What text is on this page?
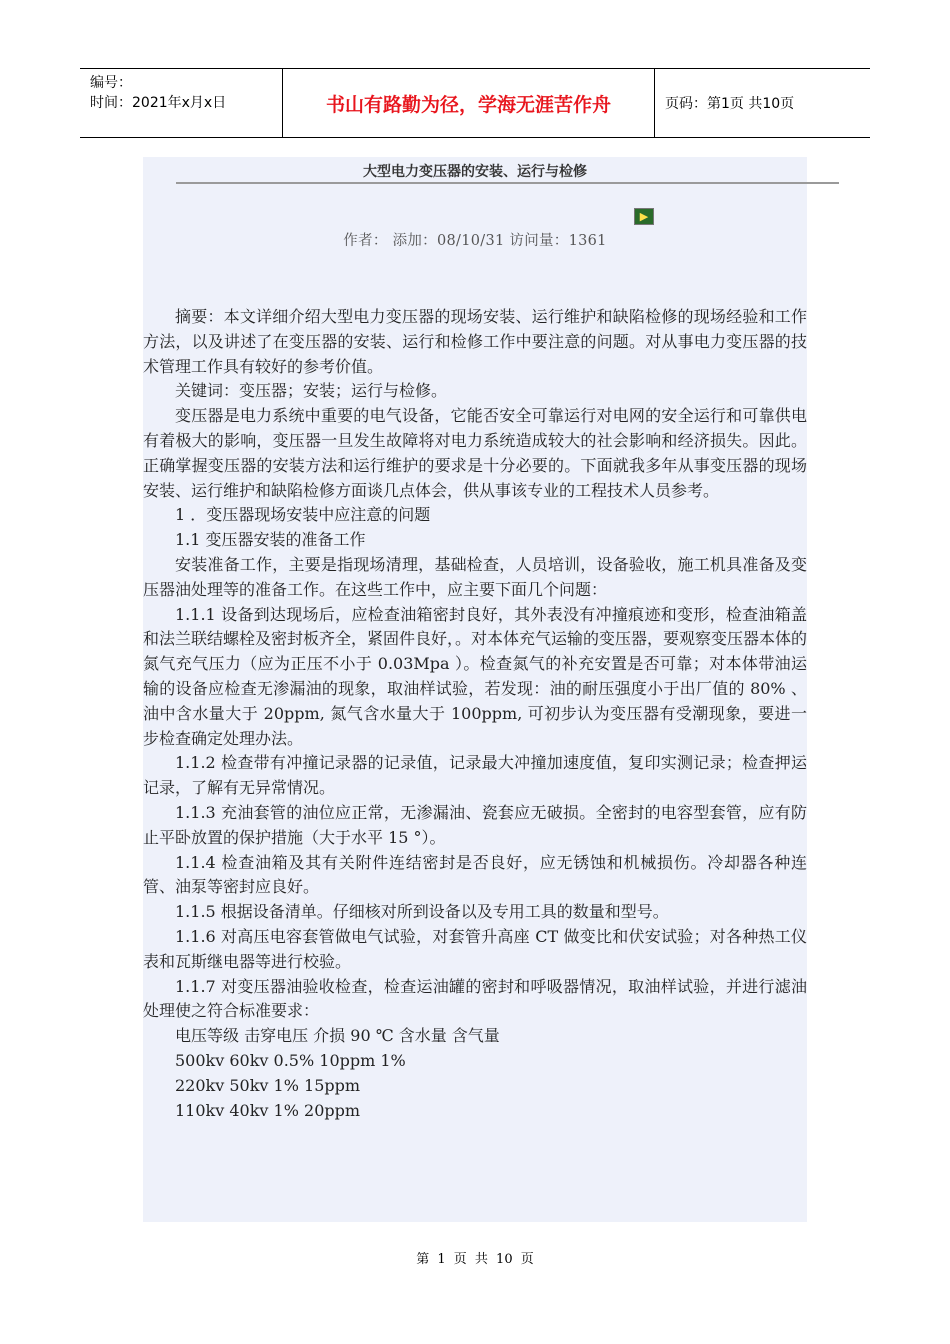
编号：
时间：2021年x月x日	书山有路勤为径，学海无涯苦作舟	页码：第1页 共10页
大型电力变压器的安装、运行与检修
▶
作者： 添加：08/10/31 访问量：1361

摘要：本文详细介绍大型电力变压器的现场安装、运行维护和缺陷检修的现场经验和工作方法，以及讲述了在变压器的安装、运行和检修工作中要注意的问题。对从事电力变压器的技术管理工作具有较好的参考价值。

关键词：变压器；安装；运行与检修。

变压器是电力系统中重要的电气设备，它能否安全可靠运行对电网的安全运行和可靠供电有着极大的影响，变压器一旦发生故障将对电力系统造成较大的社会影响和经济损失。因此。正确掌握变压器的安装方法和运行维护的要求是十分必要的。下面就我多年从事变压器的现场安装、运行维护和缺陷检修方面谈几点体会，供从事该专业的工程技术人员参考。

1 ．变压器现场安装中应注意的问题

1.1 变压器安装的准备工作

安装准备工作，主要是指现场清理，基础检查，人员培训，设备验收，施工机具准备及变压器油处理等的准备工作。在这些工作中，应主要下面几个问题：

1.1.1 设备到达现场后，应检查油箱密封良好，其外表没有冲撞痕迹和变形，检查油箱盖和法兰联结螺栓及密封板齐全，紧固件良好，。对本体充气运输的变压器，要观察变压器本体的氮气充气压力（应为正压不小于 0.03Mpa ）。检查氮气的补充安置是否可靠；对本体带油运输的设备应检查无渗漏油的现象，取油样试验，若发现：油的耐压强度小于出厂值的 80% 、油中含水量大于 20ppm, 氮气含水量大于 100ppm, 可初步认为变压器有受潮现象，要进一步检查确定处理办法。

1.1.2 检查带有冲撞记录器的记录值，记录最大冲撞加速度值，复印实测记录；检查押运记录，了解有无异常情况。

1.1.3 充油套管的油位应正常，无渗漏油、瓷套应无破损。全密封的电容型套管，应有防止平卧放置的保护措施（大于水平 15 °）。

1.1.4 检查油箱及其有关附件连结密封是否良好，应无锈蚀和机械损伤。冷却器各种连管、油泵等密封应良好。

1.1.5 根据设备清单。仔细核对所到设备以及专用工具的数量和型号。

1.1.6 对高压电容套管做电气试验，对套管升高座 CT 做变比和伏安试验；对各种热工仪表和瓦斯继电器等进行校验。

1.1.7 对变压器油验收检查，检查运油罐的密封和呼吸器情况，取油样试验，并进行滤油处理使之符合标准要求：

电压等级 击穿电压 介损 90 ℃ 含水量 含气量

500kv 60kv 0.5% 10ppm 1%

220kv 50kv 1% 15ppm

110kv 40kv 1% 20ppm

第 1 页 共 10 页
